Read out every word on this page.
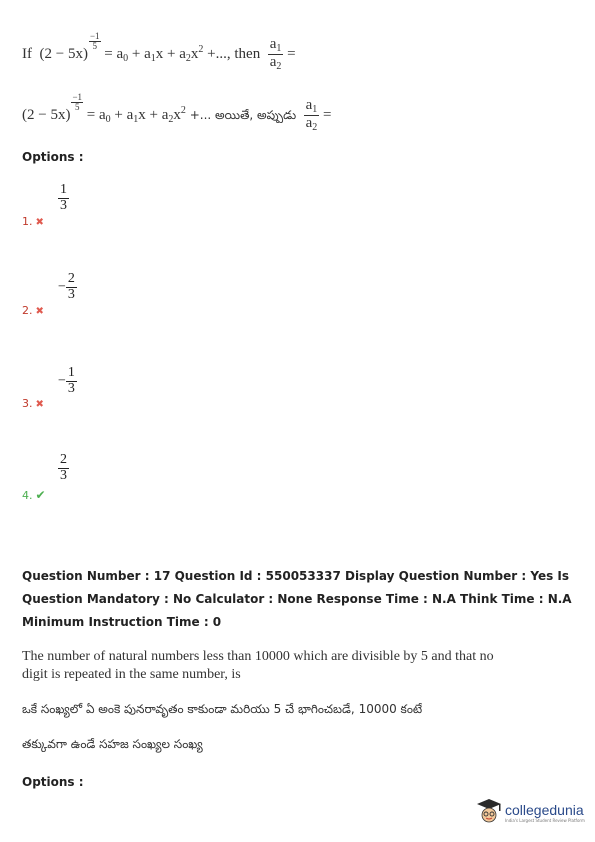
If (2 − 5x)
$\frac{-1}{5}$
= $a_0 + a_1x + a_2x^2$ +..., then $\frac{a_1}{a_2}$ =
(2 − 5x)
$\frac{-1}{5}$
= $a_0 + a_1x + a_2x^2$ +... అయితే, అప్పుడు $\frac{a_1}{a_2}$ =
Options :
$\frac{1}{3}$
1. ✖
− $\frac{2}{3}$
2. ✖
− $\frac{1}{3}$
3. ✖
$\frac{2}{3}$
4. ✔
Question Number : 17 Question Id : 550053337 Display Question Number : Yes Is Question Mandatory : No Calculator : None Response Time : N.A Think Time : N.A Minimum Instruction Time : 0
The number of natural numbers less than 10000 which are divisible by 5 and that no
digit is repeated in the same number, is
ఒకే సంఖ్యలో ఏ అంకె పునరావృతం కాకుండా మరియు 5 చే భాగించబడే, 10000 కంటే
తక్కువగా ఉండే సహజ సంఖ్యల సంఖ్య
Options :
collegedunia
India's Largest Student Review Platform
